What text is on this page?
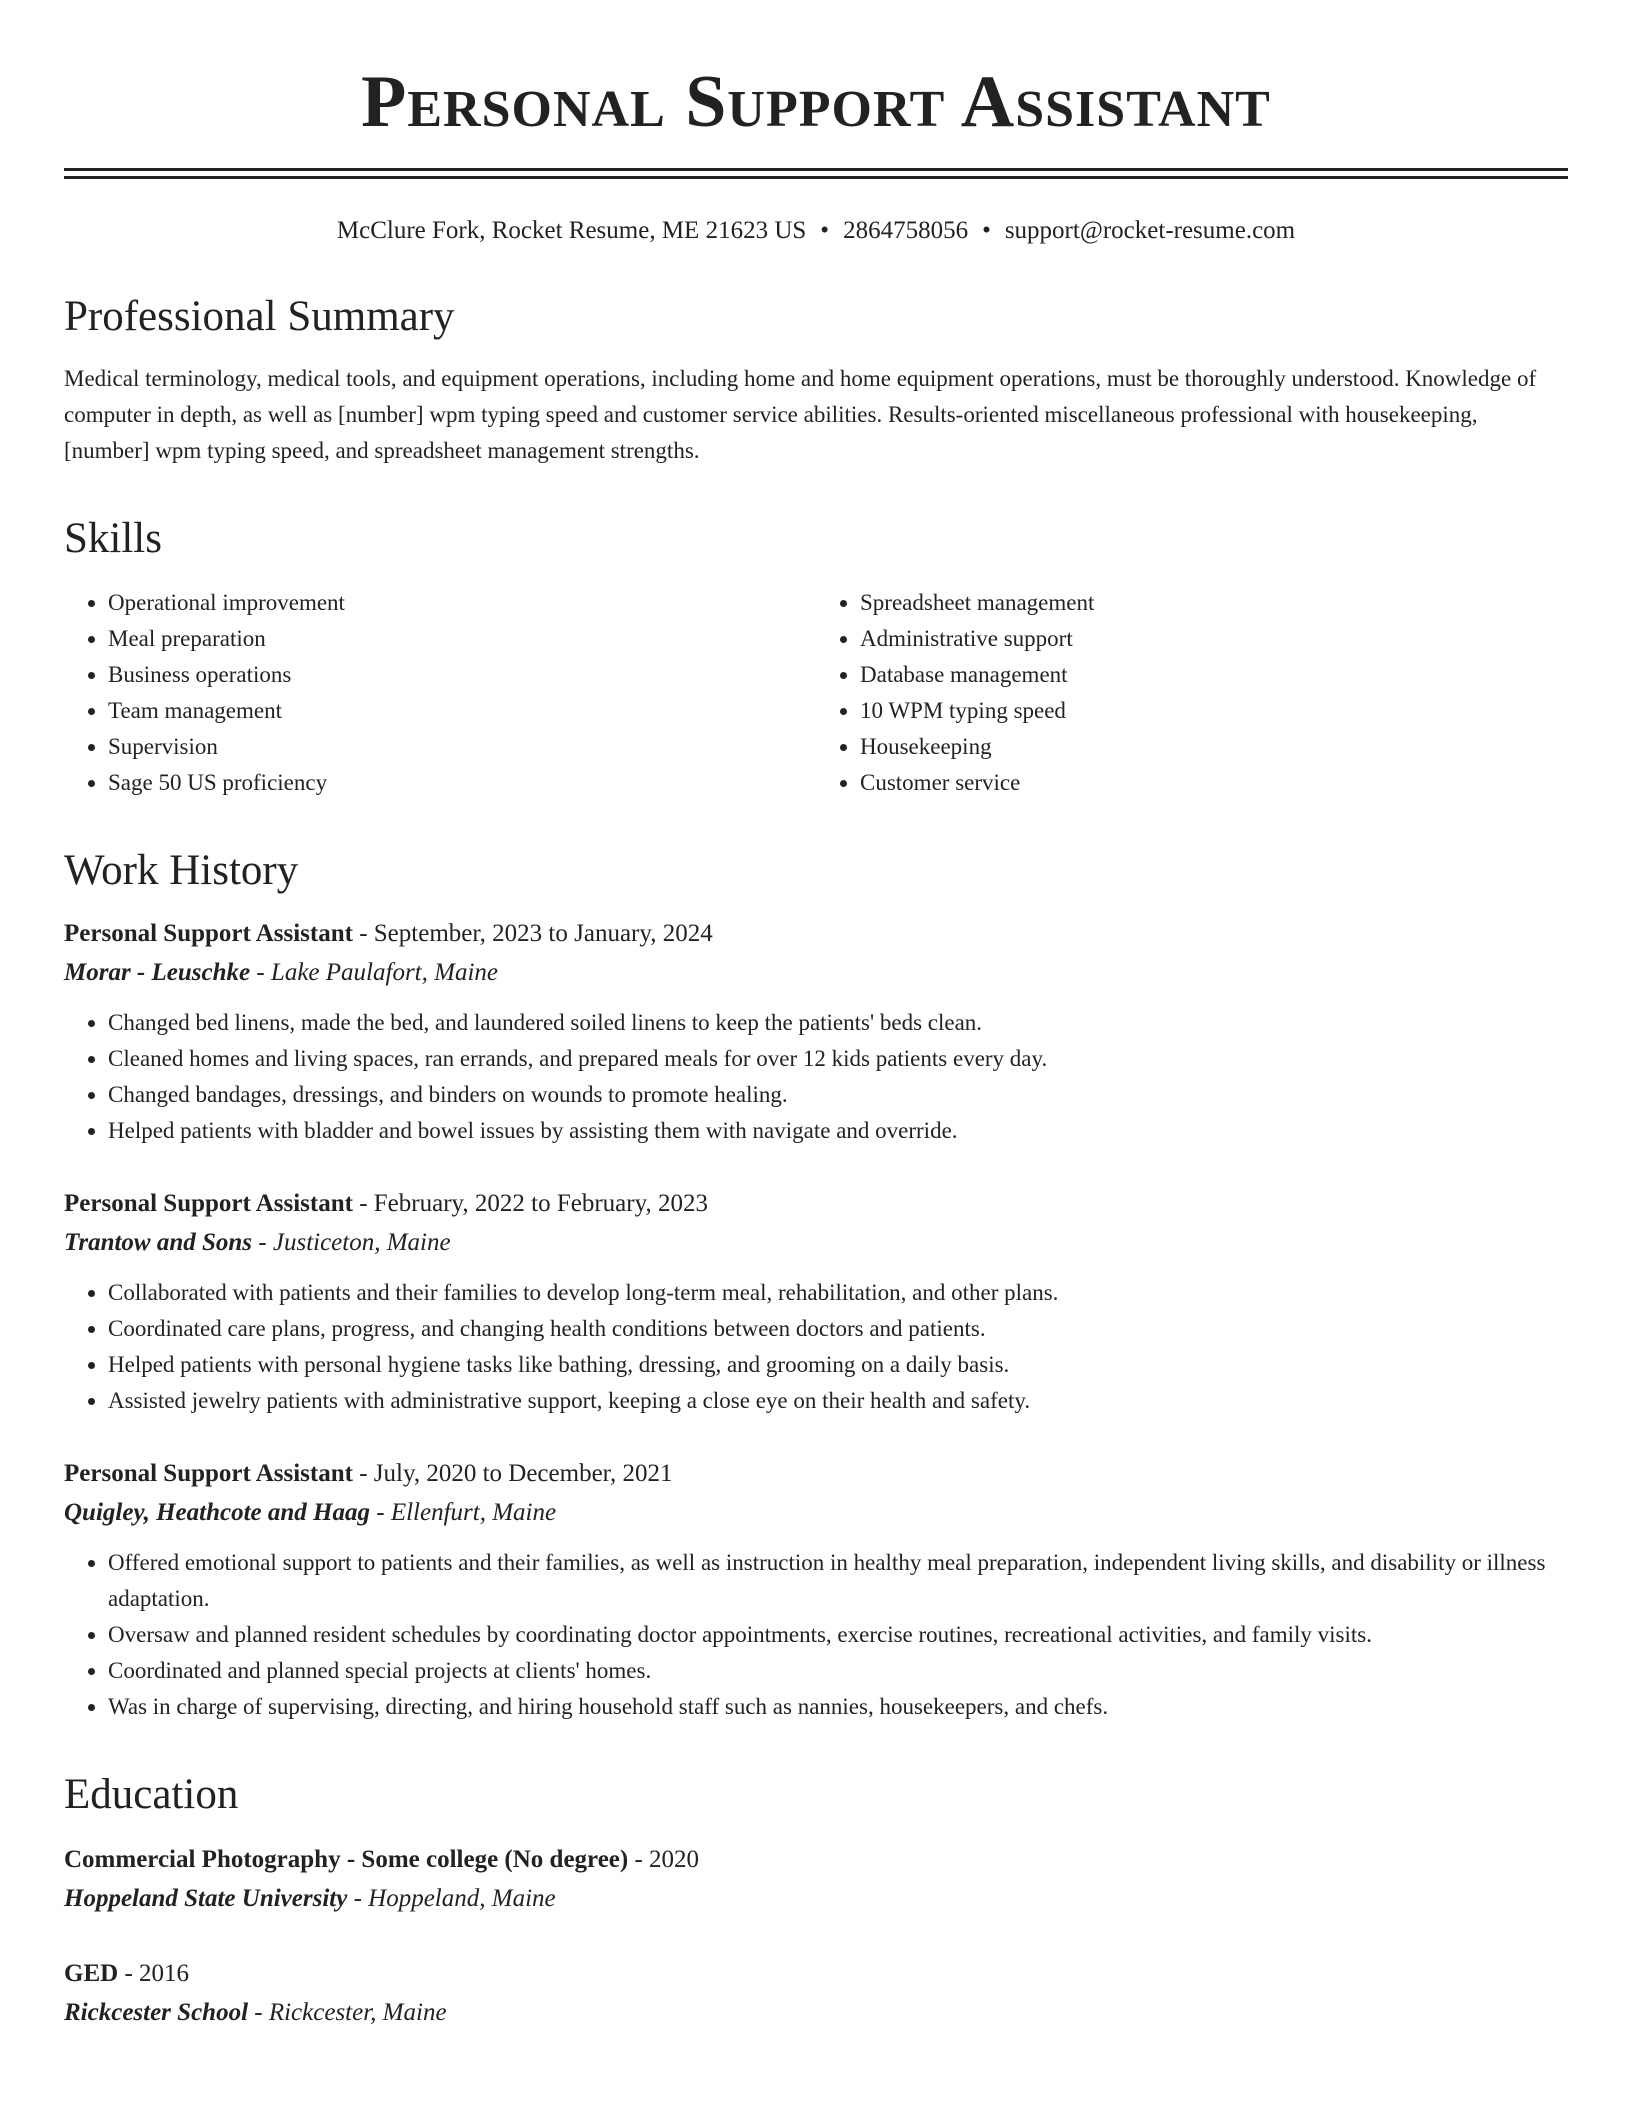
Personal Support Assistant
McClure Fork, Rocket Resume, ME 21623 US • 2864758056 • support@rocket-resume.com
Professional Summary

Medical terminology, medical tools, and equipment operations, including home and home equipment operations, must be thoroughly understood. Knowledge of computer in depth, as well as [number] wpm typing speed and customer service abilities. Results-oriented miscellaneous professional with housekeeping, [number] wpm typing speed, and spreadsheet management strengths.

Skills
• Operational improvement
• Meal preparation
• Business operations
• Team management
• Supervision
• Sage 50 US proficiency
• Spreadsheet management
• Administrative support
• Database management
• 10 WPM typing speed
• Housekeeping
• Customer service
Work History
Personal Support Assistant - September, 2023 to January, 2024
Morar - Leuschke - Lake Paulafort, Maine
• Changed bed linens, made the bed, and laundered soiled linens to keep the patients' beds clean.
• Cleaned homes and living spaces, ran errands, and prepared meals for over 12 kids patients every day.
• Changed bandages, dressings, and binders on wounds to promote healing.
• Helped patients with bladder and bowel issues by assisting them with navigate and override.
Personal Support Assistant - February, 2022 to February, 2023
Trantow and Sons - Justiceton, Maine
• Collaborated with patients and their families to develop long-term meal, rehabilitation, and other plans.
• Coordinated care plans, progress, and changing health conditions between doctors and patients.
• Helped patients with personal hygiene tasks like bathing, dressing, and grooming on a daily basis.
• Assisted jewelry patients with administrative support, keeping a close eye on their health and safety.
Personal Support Assistant - July, 2020 to December, 2021
Quigley, Heathcote and Haag - Ellenfurt, Maine
• Offered emotional support to patients and their families, as well as instruction in healthy meal preparation, independent living skills, and disability or illness adaptation.
• Oversaw and planned resident schedules by coordinating doctor appointments, exercise routines, recreational activities, and family visits.
• Coordinated and planned special projects at clients' homes.
• Was in charge of supervising, directing, and hiring household staff such as nannies, housekeepers, and chefs.
Education
Commercial Photography - Some college (No degree) - 2020
Hoppeland State University - Hoppeland, Maine
GED - 2016
Rickcester School - Rickcester, Maine
